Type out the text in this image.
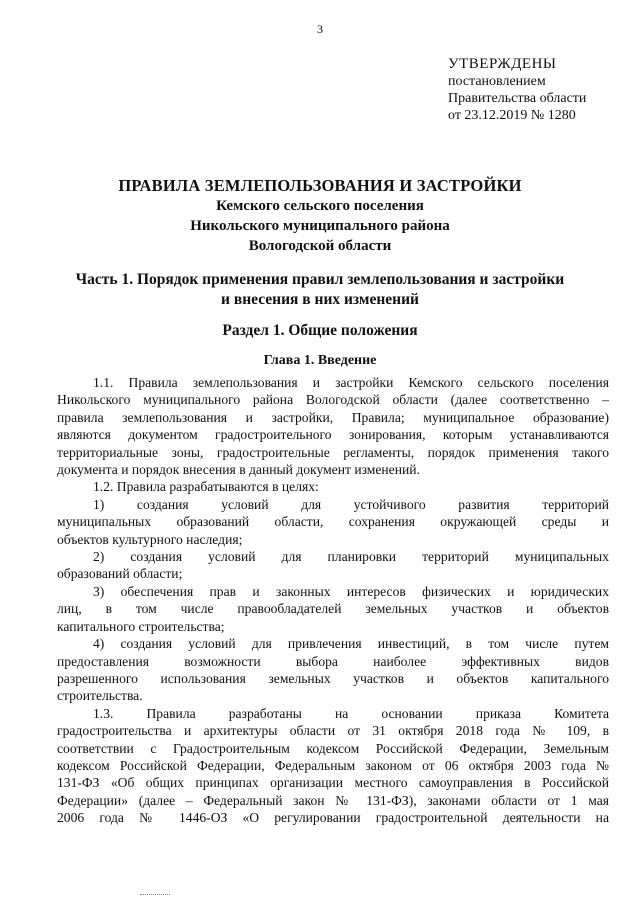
3
УТВЕРЖДЕНЫ
постановлением
Правительства области
от 23.12.2019 № 1280
ПРАВИЛА ЗЕМЛЕПОЛЬЗОВАНИЯ И ЗАСТРОЙКИ
Кемского сельского поселения
Никольского муниципального района
Вологодской области
Часть 1. Порядок применения правил землепользования и застройки
и внесения в них изменений
Раздел 1. Общие положения
Глава 1. Введение
1.1. Правила землепользования и застройки Кемского сельского поселения
Никольского муниципального района Вологодской области (далее соответственно –
правила землепользования и застройки, Правила; муниципальное образование)
являются документом градостроительного зонирования, которым устанавливаются
территориальные зоны, градостроительные регламенты, порядок применения такого
документа и порядок внесения в данный документ изменений.
1.2. Правила разрабатываются в целях:
1) создания условий для устойчивого развития территорий
муниципальных образований области, сохранения окружающей среды и
объектов культурного наследия;
2) создания условий для планировки территорий муниципальных
образований области;
3) обеспечения прав и законных интересов физических и юридических
лиц, в том числе правообладателей земельных участков и объектов
капитального строительства;
4) создания условий для привлечения инвестиций, в том числе путем
предоставления возможности выбора наиболее эффективных видов
разрешенного использования земельных участков и объектов капитального
строительства.
1.3. Правила разработаны на основании приказа Комитета
градостроительства и архитектуры области от 31 октября 2018 года № 109, в
соответствии с Градостроительным кодексом Российской Федерации, Земельным
кодексом Российской Федерации, Федеральным законом от 06 октября 2003 года №
131-ФЗ «Об общих принципах организации местного самоуправления в Российской
Федерации» (далее – Федеральный закон № 131-ФЗ), законами области от 1 мая
2006 года № 1446-ОЗ «О регулировании градостроительной деятельности на
